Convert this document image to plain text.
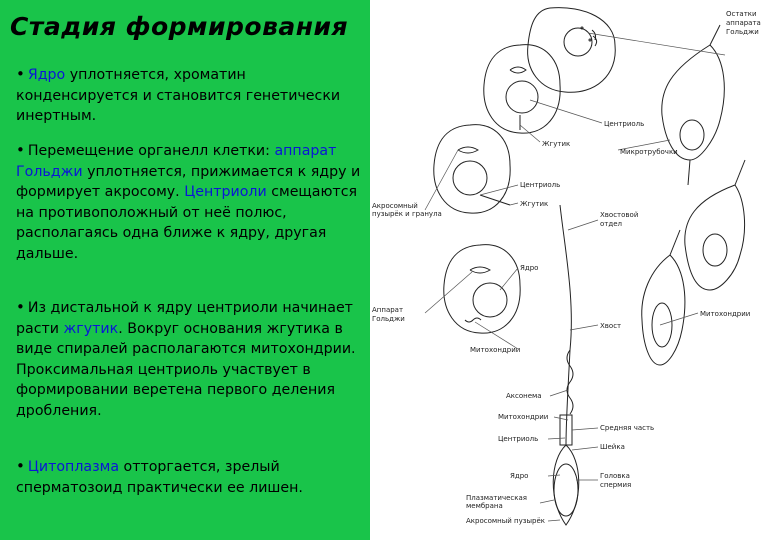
Стадия формирования
• Ядро уплотняется, хроматин конденсируется и становится генетически инертным.
• Перемещение органелл клетки: аппарат Гольджи уплотняется, прижимается к ядру и формирует акросому. Центриоли смещаются на противоположный от неё полюс, располагаясь одна ближе к ядру, другая дальше.
• Из дистальной к ядру центриоли начинает расти жгутик. Вокруг основания жгутика в виде спиралей располагаются митохондрии. Проксимальная центриоль участвует в формировании веретена первого деления дробления.
• Цитоплазма отторгается, зрелый сперматозоид практически ее лишен.
Остатки
аппарата
Гольджи
Центриоль
Жгутик
Микротрубочки
Центриоль
Жгутик
Акросомный
пузырёк и гранула	Хвостовой
отдел
Ядро
Аппарат
Гольджи
Хвост
Митохондрии
Митохондрии
Аксонема
Митохондрии
Средняя часть
Центриоль
Шейка
Ядро	Головка
спермия
Плазматическая
мембрана
Акросомный пузырёк
